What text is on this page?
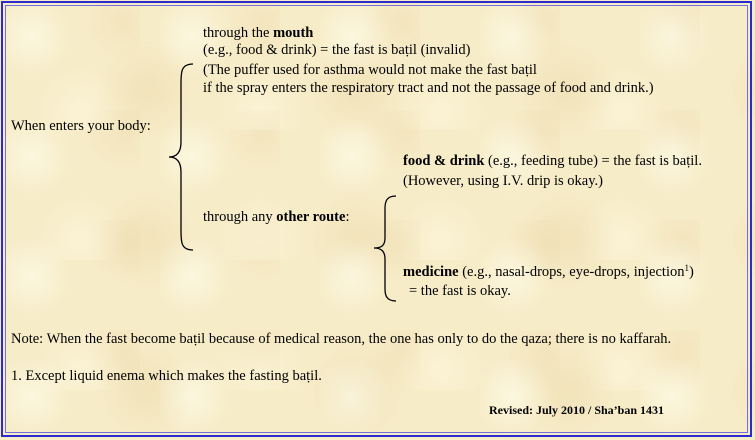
When enters your body:
through the mouth
(e.g., food & drink) = the fast is baṭil (invalid)
(The puffer used for asthma would not make the fast baṭil
if the spray enters the respiratory tract and not the passage of food and drink.)
through any other route:
food & drink (e.g., feeding tube) = the fast is baṭil.
(However, using I.V. drip is okay.)
medicine (e.g., nasal-drops, eye-drops, injection$^1$)
= the fast is okay.
Note: When the fast become baṭil because of medical reason, the one has only to do the qaza; there is no kaffarah.
1. Except liquid enema which makes the fasting baṭil.
Revised: July 2010 / Sha’ban 1431
